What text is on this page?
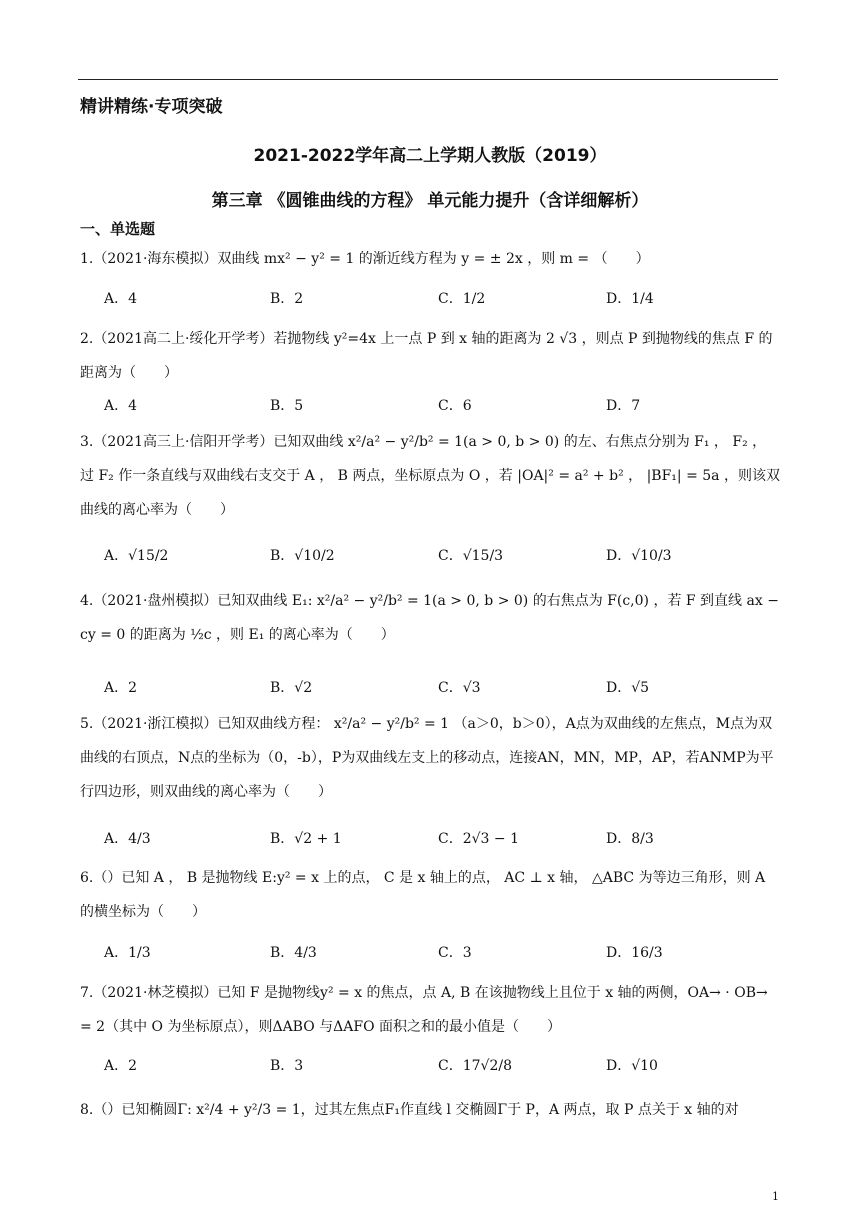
精讲精练·专项突破
2021-2022学年高二上学期人教版（2019）
第三章 《圆锥曲线的方程》 单元能力提升（含详细解析）
一、单选题
1.（2021·海东模拟）双曲线 mx² − y² = 1 的渐近线方程为 y = ± 2x ，则 m = （　　）
A．4	B．2	C．1/2	D．1/4
2.（2021高二上·绥化开学考）若抛物线 y²=4x 上一点 P 到 x 轴的距离为 2 √3 ，则点 P 到抛物线的焦点 F 的距离为（　　）
A．4	B．5	C．6	D．7
3.（2021高三上·信阳开学考）已知双曲线 x²/a² − y²/b² = 1(a > 0, b > 0) 的左、右焦点分别为 F₁ ， F₂ ，过 F₂ 作一条直线与双曲线右支交于 A ， B 两点，坐标原点为 O ，若 |OA|² = a² + b² ， |BF₁| = 5a ，则该双曲线的离心率为（　　）
A．√15/2	B．√10/2	C．√15/3	D．√10/3
4.（2021·盘州模拟）已知双曲线 E₁: x²/a² − y²/b² = 1(a > 0, b > 0) 的右焦点为 F(c,0) ，若 F 到直线 ax − cy = 0 的距离为 ½c ，则 E₁ 的离心率为（　　）
A．2	B．√2	C．√3	D．√5
5.（2021·浙江模拟）已知双曲线方程： x²/a² − y²/b² = 1 （a＞0，b＞0），A点为双曲线的左焦点，M点为双曲线的右顶点，N点的坐标为（0，-b），P为双曲线左支上的移动点，连接AN，MN，MP，AP，若ANMP为平行四边形，则双曲线的离心率为（　　）
A．4/3	B．√2 + 1	C．2√3 − 1	D．8/3
6.（）已知 A ， B 是抛物线 E:y² = x 上的点， C 是 x 轴上的点， AC ⊥ x 轴， △ABC 为等边三角形，则 A 的横坐标为（　　）
A．1/3	B．4/3	C．3	D．16/3
7.（2021·林芝模拟）已知 F 是抛物线y² = x 的焦点，点 A, B 在该抛物线上且位于 x 轴的两侧，OA→ · OB→ = 2（其中 O 为坐标原点），则ΔABO 与ΔAFO 面积之和的最小值是（　　）
A．2	B．3	C．17√2/8	D．√10
8.（）已知椭圆Γ: x²/4 + y²/3 = 1，过其左焦点F₁作直线 l 交椭圆Γ于 P，A 两点，取 P 点关于 x 轴的对
1
